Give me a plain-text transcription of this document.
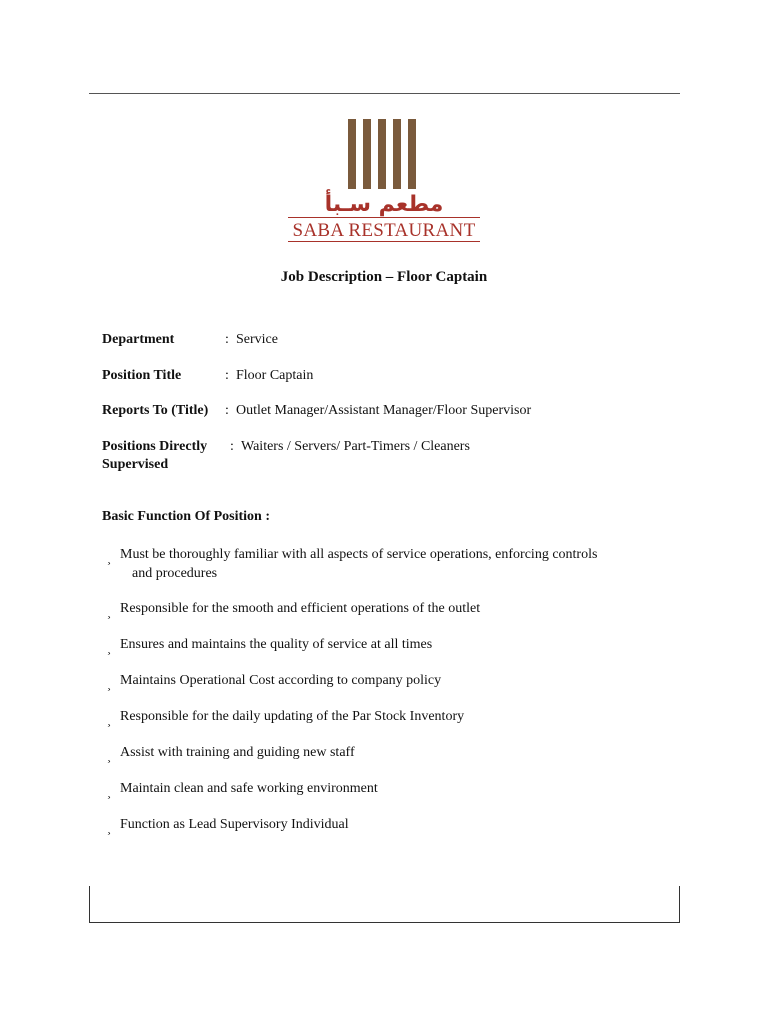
مطعم سـبأ
SABA RESTAURANT
Job Description – Floor Captain
Department	: Service
Position Title	: Floor Captain
Reports To (Title)	: Outlet Manager/Assistant Manager/Floor Supervisor
Positions Directly
Supervised
: Waiters / Servers/ Part-Timers / Cleaners
Basic Function Of Position :
¸ Must be thoroughly familiar with all aspects of service operations, enforcing controls
and procedures
¸ Responsible for the smooth and efficient operations of the outlet
¸ Ensures and maintains the quality of service at all times
¸ Maintains Operational Cost according to company policy
¸ Responsible for the daily updating of the Par Stock Inventory
¸ Assist with training and guiding new staff
¸ Maintain clean and safe working environment
¸ Function as Lead Supervisory Individual
